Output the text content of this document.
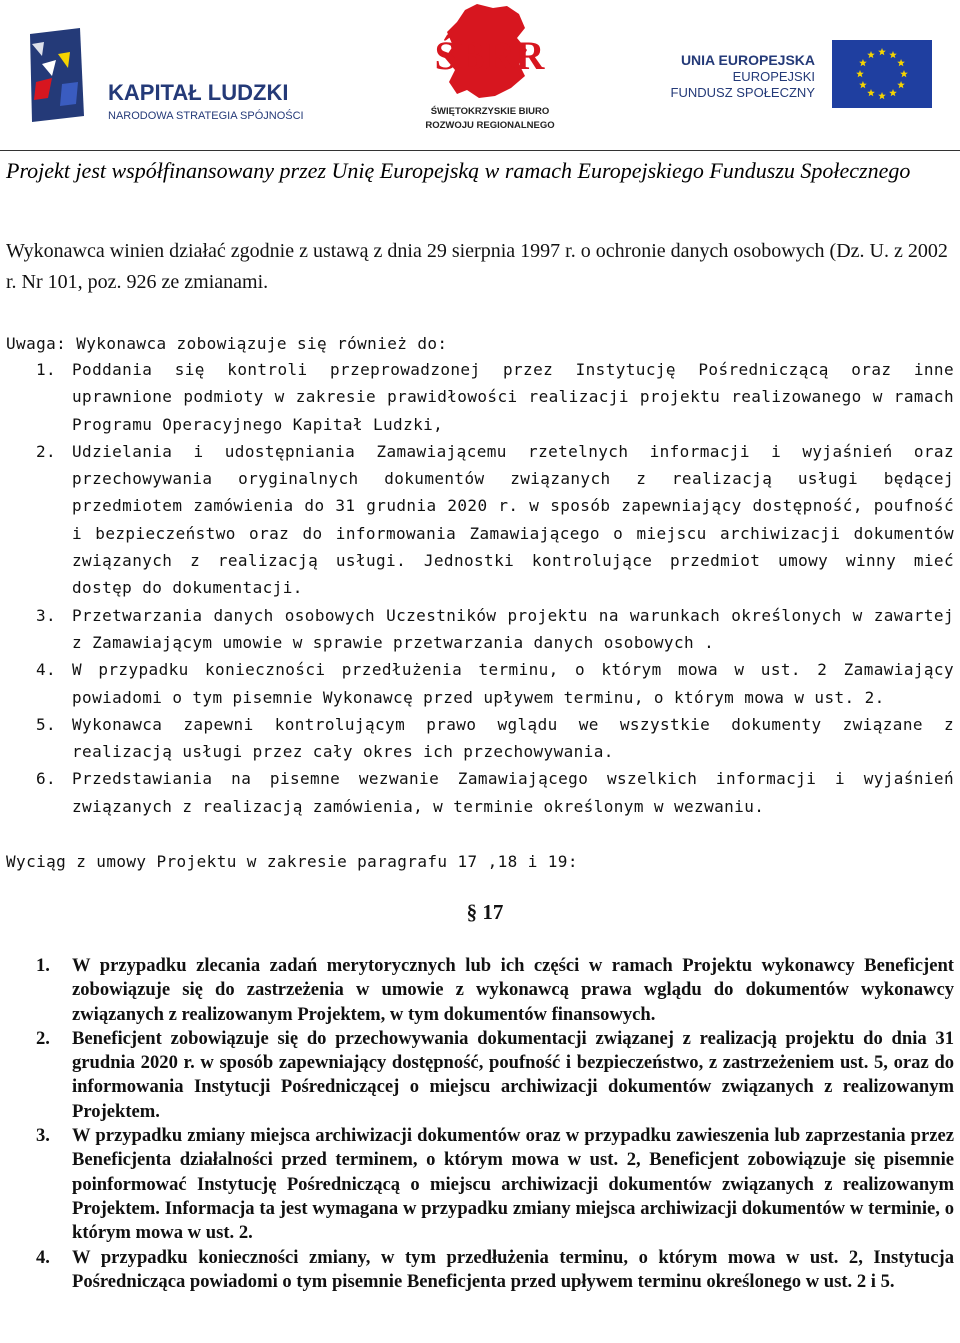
KAPITAŁ LUDZKI
NARODOWA STRATEGIA SPÓJNOŚCI
ŚBRR
ŚWIĘTOKRZYSKIE BIURO
ROZWOJU REGIONALNEGO
UNIA EUROPEJSKA
EUROPEJSKI
FUNDUSZ SPOŁECZNY
Projekt jest współfinansowany przez Unię Europejską w ramach Europejskiego Funduszu Społecznego
Wykonawca winien działać zgodnie z ustawą z dnia 29 sierpnia 1997 r. o ochronie danych osobowych (Dz. U. z 2002 r. Nr 101, poz. 926 ze zmianami.
Uwaga: Wykonawca zobowiązuje się również do:
1. Poddania się kontroli przeprowadzonej przez Instytucję Pośredniczącą oraz inne uprawnione podmioty w zakresie prawidłowości realizacji projektu realizowanego w ramach Programu Operacyjnego Kapitał Ludzki,
2. Udzielania i udostępniania Zamawiającemu rzetelnych informacji i wyjaśnień oraz przechowywania oryginalnych dokumentów związanych z realizacją usługi będącej przedmiotem zamówienia do 31 grudnia 2020 r. w sposób zapewniający dostępność, poufność i bezpieczeństwo oraz do informowania Zamawiającego o miejscu archiwizacji dokumentów związanych z realizacją usługi. Jednostki kontrolujące przedmiot umowy winny mieć dostęp do dokumentacji.
3. Przetwarzania danych osobowych Uczestników projektu na warunkach określonych w zawartej z Zamawiającym umowie w sprawie przetwarzania danych osobowych .
4. W przypadku konieczności przedłużenia terminu, o którym mowa w ust. 2 Zamawiający powiadomi o tym pisemnie Wykonawcę przed upływem terminu, o którym mowa w ust. 2.
5. Wykonawca zapewni kontrolującym prawo wglądu we wszystkie dokumenty związane z realizacją usługi przez cały okres ich przechowywania.
6. Przedstawiania na pisemne wezwanie Zamawiającego wszelkich informacji i wyjaśnień związanych z realizacją zamówienia, w terminie określonym w wezwaniu.
Wyciąg z umowy Projektu w zakresie paragrafu 17 ,18 i 19:
§ 17
1. W przypadku zlecania zadań merytorycznych lub ich części w ramach Projektu wykonawcy Beneficjent zobowiązuje się do zastrzeżenia w umowie z wykonawcą prawa wglądu do dokumentów wykonawcy związanych z realizowanym Projektem, w tym dokumentów finansowych.
2. Beneficjent zobowiązuje się do przechowywania dokumentacji związanej z realizacją projektu do dnia 31 grudnia 2020 r. w sposób zapewniający dostępność, poufność i bezpieczeństwo, z zastrzeżeniem ust. 5, oraz do informowania Instytucji Pośredniczącej o miejscu archiwizacji dokumentów związanych z realizowanym Projektem.
3. W przypadku zmiany miejsca archiwizacji dokumentów oraz w przypadku zawieszenia lub zaprzestania przez Beneficjenta działalności przed terminem, o którym mowa w ust. 2, Beneficjent zobowiązuje się pisemnie poinformować Instytucję Pośredniczącą o miejscu archiwizacji dokumentów związanych z realizowanym Projektem. Informacja ta jest wymagana w przypadku zmiany miejsca archiwizacji dokumentów w terminie, o którym mowa w ust. 2.
4. W przypadku konieczności zmiany, w tym przedłużenia terminu, o którym mowa w ust. 2, Instytucja Pośrednicząca powiadomi o tym pisemnie Beneficjenta przed upływem terminu określonego w ust. 2 i 5.
